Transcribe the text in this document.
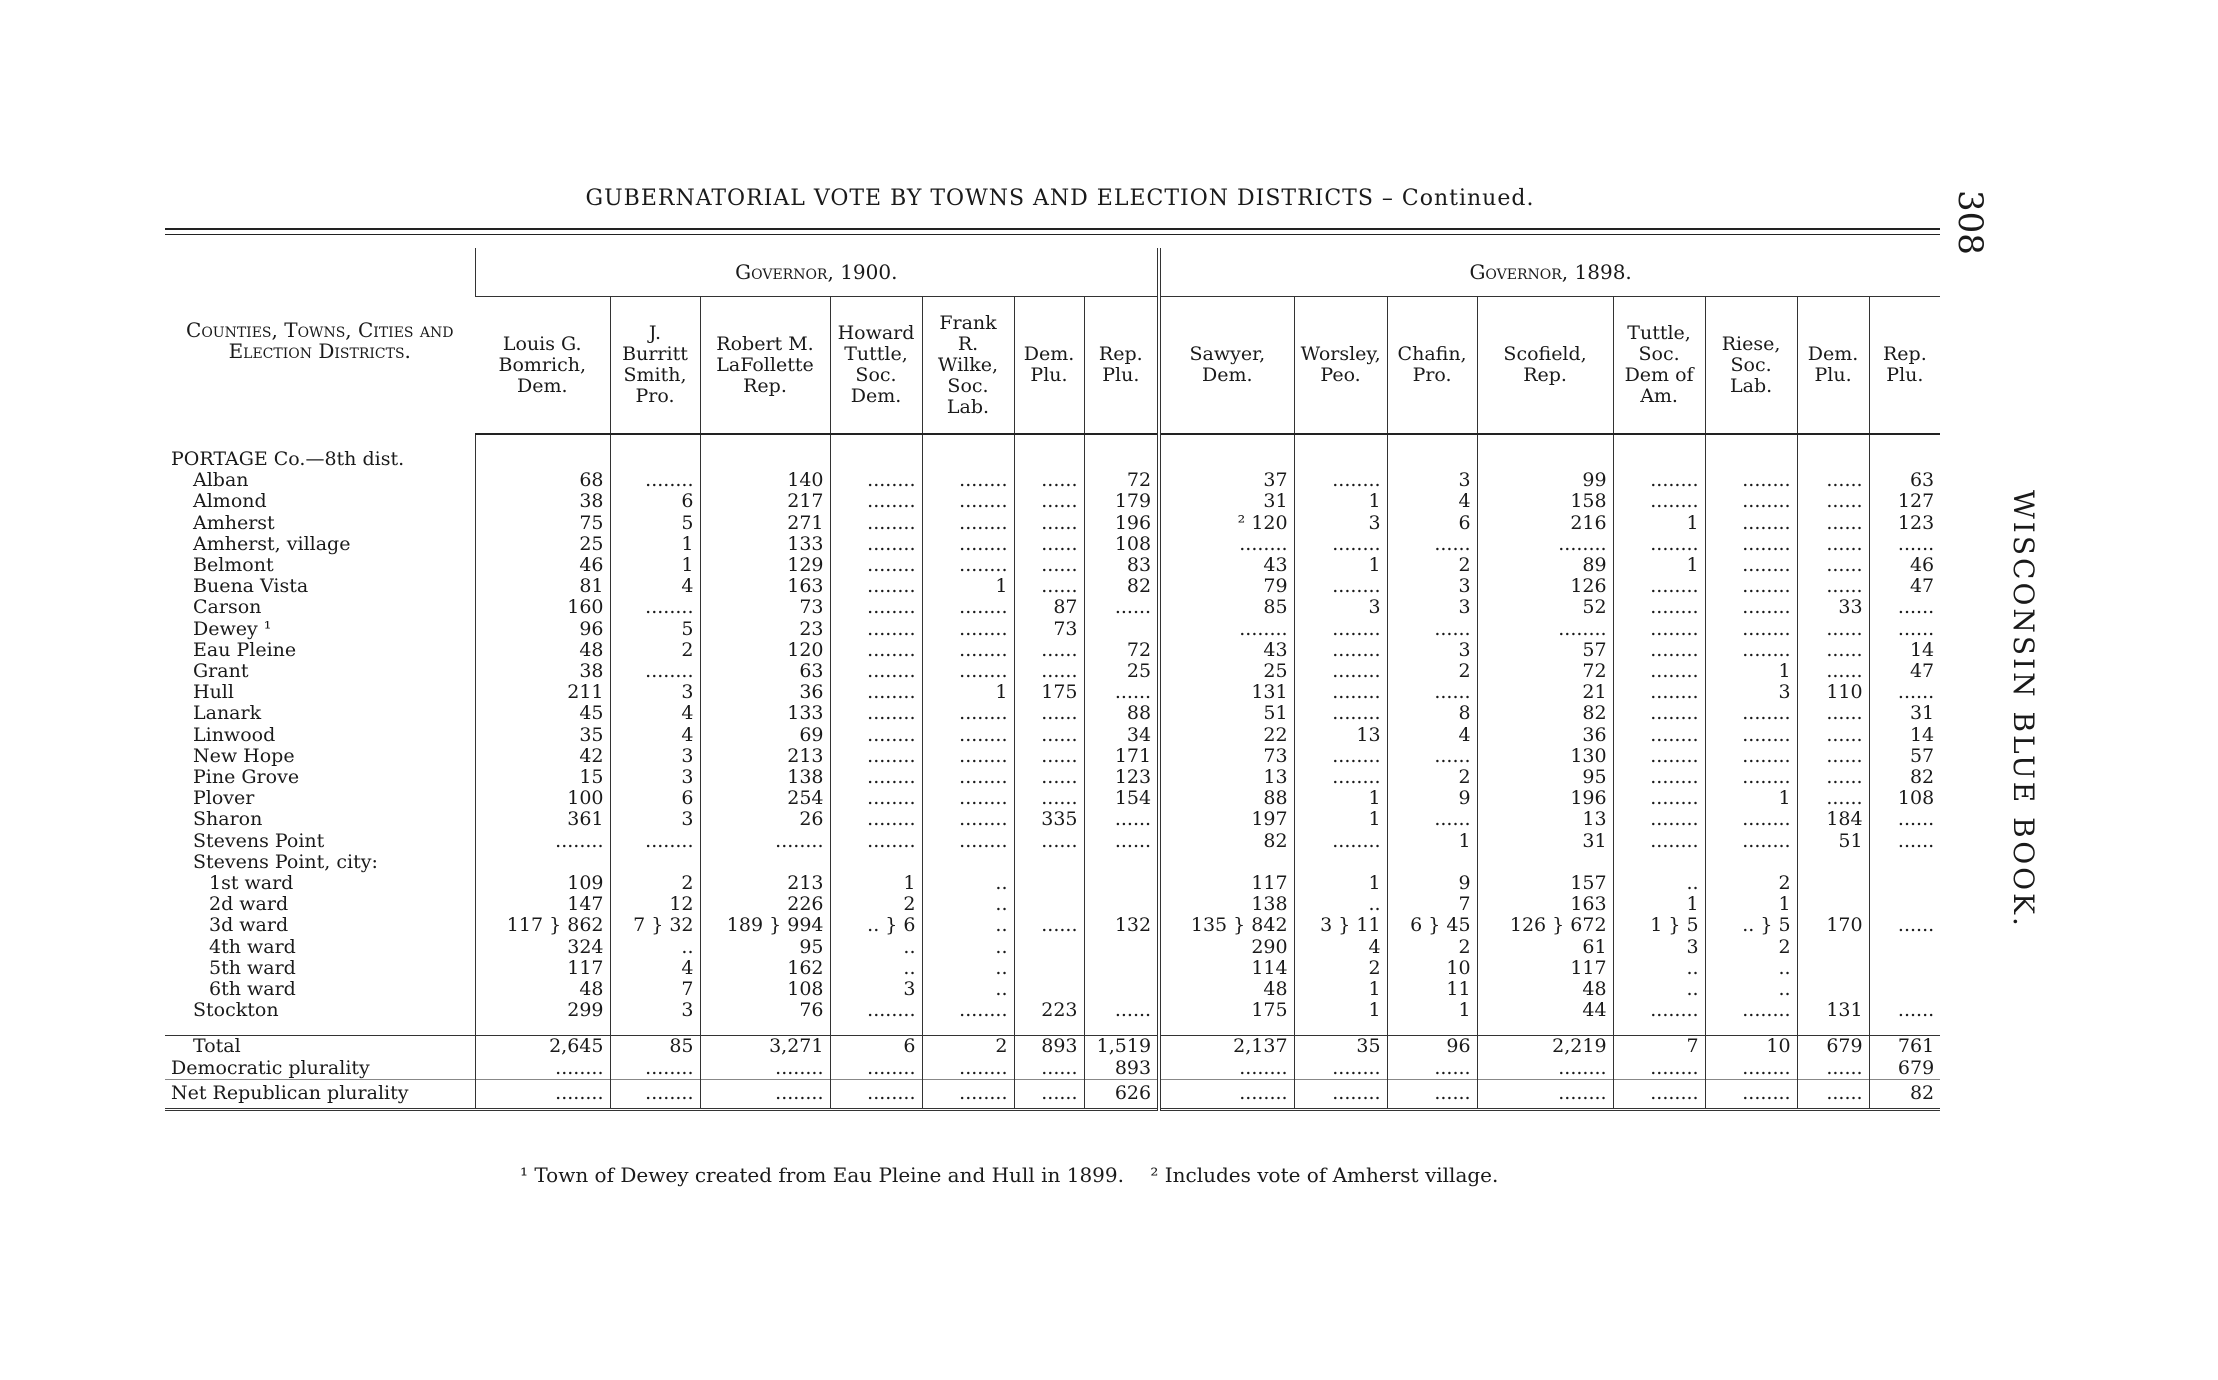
GUBERNATORIAL VOTE BY TOWNS AND ELECTION DISTRICTS – Continued.	308
WISCONSIN BLUE BOOK.
Counties, Towns, Cities and Election Districts.	Governor, 1900.							Governor, 1898.							
	Louis G. Bomrich, Dem.	J. Burritt Smith, Pro.	Robert M. LaFollette Rep.	Howard Tuttle, Soc. Dem.	Frank R. Wilke, Soc. Lab.	Dem. Plu.	Rep. Plu.	Sawyer, Dem.	Worsley, Peo.	Chafin, Pro.	Scofield, Rep.	Tuttle, Soc. Dem of Am.	Riese, Soc. Lab.	Dem. Plu.	Rep. Plu.

PORTAGE Co.—8th dist.															
Alban	68	........	140	........	........	......	72	37	........	3	99	........	........	......	63
Almond	38	6	217	........	........	......	179	31	1	4	158	........	........	......	127
Amherst	75	5	271	........	........	......	196	² 120	3	6	216	1	........	......	123
Amherst, village	25	1	133	........	........	......	108	........	........	......	........	........	........	......	......
Belmont	46	1	129	........	........	......	83	43	1	2	89	1	........	......	46
Buena Vista	81	4	163	........	1	......	82	79	........	3	126	........	........	......	47
Carson	160	........	73	........	........	87	......	85	3	3	52	........	........	33	......
Dewey ¹	96	5	23	........	........	73		........	........	......	........	........	........	......	......
Eau Pleine	48	2	120	........	........	......	72	43	........	3	57	........	........	......	14
Grant	38	........	63	........	........	......	25	25	........	2	72	........	1	......	47
Hull	211	3	36	........	1	175	......	131	........	......	21	........	3	110	......
Lanark	45	4	133	........	........	......	88	51	........	8	82	........	........	......	31
Linwood	35	4	69	........	........	......	34	22	13	4	36	........	........	......	14
New Hope	42	3	213	........	........	......	171	73	........	......	130	........	........	......	57
Pine Grove	15	3	138	........	........	......	123	13	........	2	95	........	........	......	82
Plover	100	6	254	........	........	......	154	88	1	9	196	........	1	......	108
Sharon	361	3	26	........	........	335	......	197	1	......	13	........	........	184	......
Stevens Point	........	........	........	........	........	......	......	82	........	1	31	........	........	51	......
Stevens Point, city:															
1st ward	109	2	213	1	..			117	1	9	157	..	2		
2d ward	147	12	226	2	..			138	..	7	163	1	1		
3d ward	117 } 862	7 } 32	189 } 994	.. } 6	..	......	132	135 } 842	3 } 11	6 } 45	126 } 672	1 } 5	.. } 5	170	......
4th ward	324	..	95	..	..			290	4	2	61	3	2		
5th ward	117	4	162	..	..			114	2	10	117	..	..		
6th ward	48	7	108	3	..			48	1	11	48	..	..		
Stockton	299	3	76	........	........	223	......	175	1	1	44	........	........	131	......

Total	2,645	85	3,271	6	2	893	1,519	2,137	35	96	2,219	7	10	679	761
Democratic plurality	........	........	........	........	........	......	893	........	........	......	........	........	........	......	679
Net Republican plurality	........	........	........	........	........	......	626	........	........	......	........	........	........	......	82
¹ Town of Dewey created from Eau Pleine and Hull in 1899. ² Includes vote of Amherst village.
